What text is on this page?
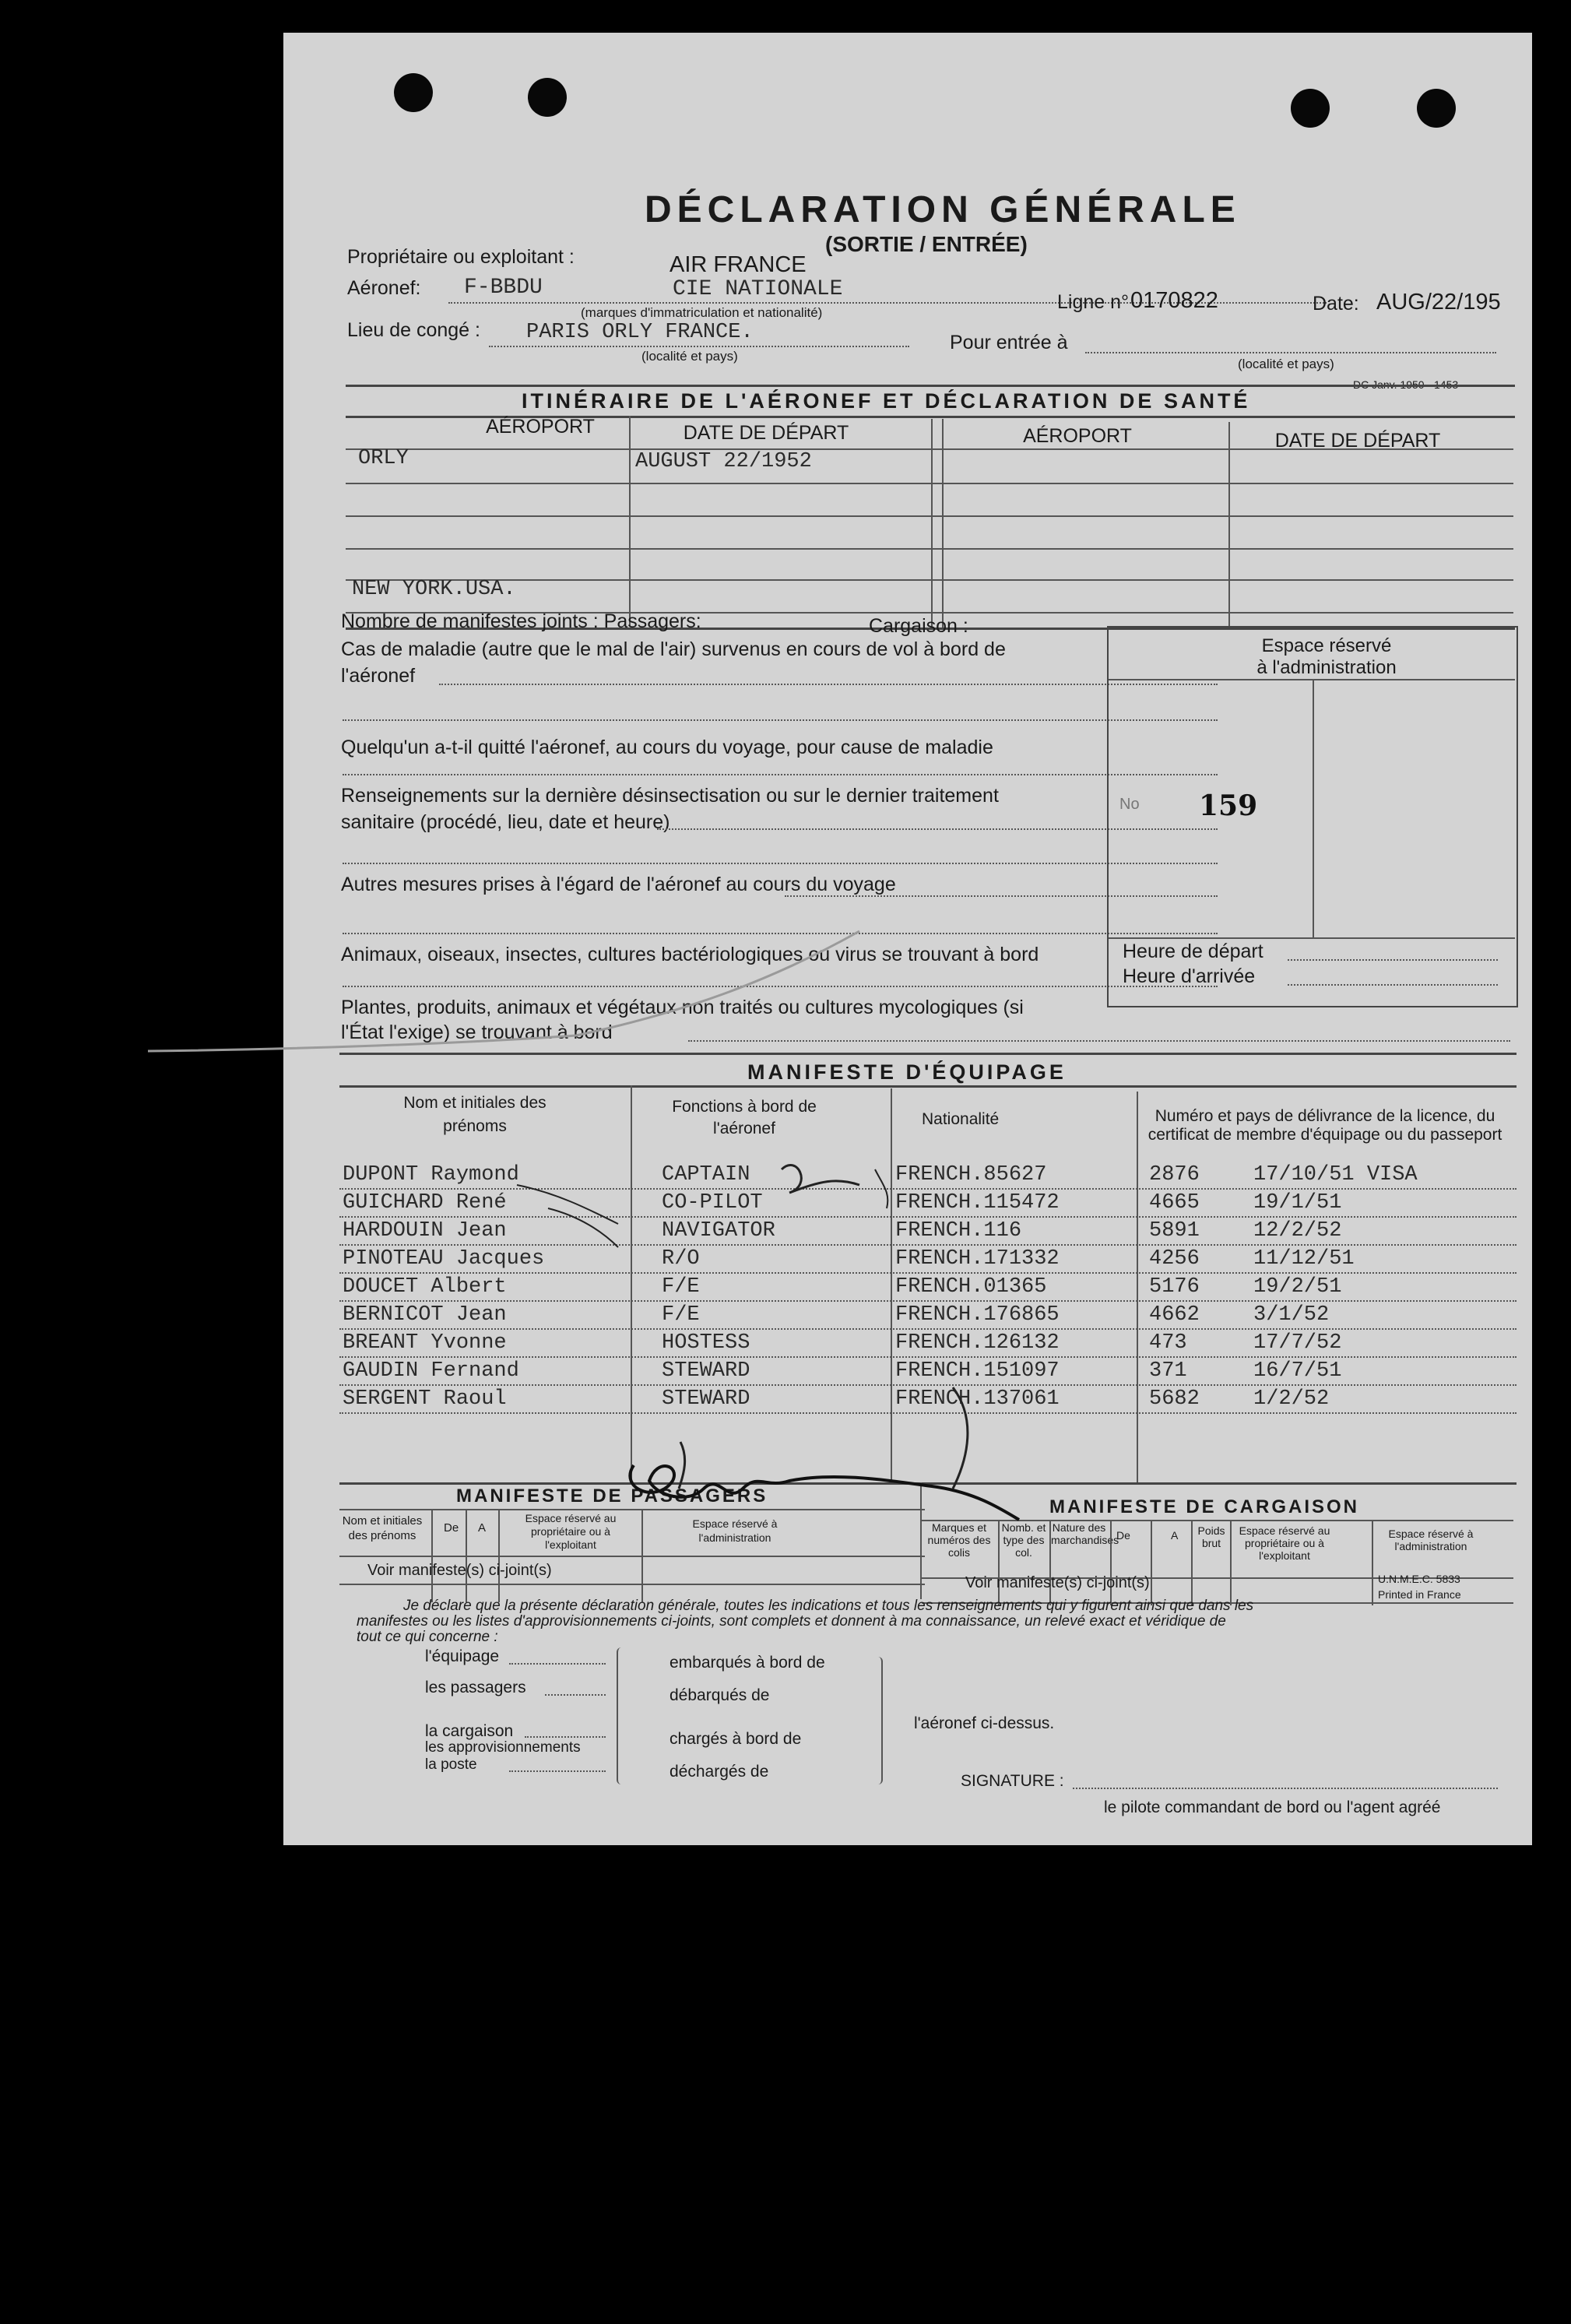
DÉCLARATION GÉNÉRALE
(SORTIE / ENTRÉE)
Propriétaire ou exploitant :	AIR FRANCE
Aéronef: F-BBDU	CIE NATIONALE
(marques d'immatriculation et nationalité)	Ligne n° 0170822	Date: AUG/22/195
Lieu de congé : PARIS ORLY FRANCE.
(localité et pays)
Pour entrée à
(localité et pays)
DC Janv. 1950 - 1453
ITINÉRAIRE DE L'AÉRONEF ET DÉCLARATION DE SANTÉ
AÉROPORT	DATE DE DÉPART	AÉROPORT	DATE DE DÉPART
ORLY	AUGUST 22/1952
NEW YORK.USA.
Nombre de manifestes joints : Passagers:	Cargaison :
Cas de maladie (autre que le mal de l'air) survenus en cours de vol à bord de
l'aéronef
Quelqu'un a-t-il quitté l'aéronef, au cours du voyage, pour cause de maladie
Renseignements sur la dernière désinsectisation ou sur le dernier traitement
sanitaire (procédé, lieu, date et heure)
Autres mesures prises à l'égard de l'aéronef au cours du voyage
Animaux, oiseaux, insectes, cultures bactériologiques ou virus se trouvant à bord
Plantes, produits, animaux et végétaux non traités ou cultures mycologiques (si
l'État l'exige) se trouvant à bord
Espace réservé
à l'administration
No 159
Heure de départ
Heure d'arrivée
MANIFESTE D'ÉQUIPAGE
Nom et initiales des prénoms
Fonctions à bord de l'aéronef
Nationalité	Numéro et pays de délivrance de la licence, du certificat de membre d'équipage ou du passeport
DUPONT Raymond	CAPTAIN	FRENCH.85627	2876	17/10/51 VISA
GUICHARD René	CO-PILOT	FRENCH.115472	4665	19/1/51
HARDOUIN Jean	NAVIGATOR	FRENCH.116	5891	12/2/52
PINOTEAU Jacques	R/O	FRENCH.171332	4256	11/12/51
DOUCET Albert	F/E	FRENCH.01365	5176	19/2/51
BERNICOT Jean	F/E	FRENCH.176865	4662	3/1/52
BREANT Yvonne	HOSTESS	FRENCH.126132	473	17/7/52
GAUDIN Fernand	STEWARD	FRENCH.151097	371	16/7/51
SERGENT Raoul	STEWARD	FRENCH.137061	5682	1/2/52
MANIFESTE DE PASSAGERS
Nom et initiales des prénoms
De A
Espace réservé au propriétaire ou à l'exploitant
Espace réservé à l'administration
Voir manifeste(s) ci-joint(s)
MANIFESTE DE CARGAISON
Marques et numéros des colis
Nomb. et type des col.
Nature des marchandises
De	A	Poids brut
Espace réservé au propriétaire ou à l'exploitant
Espace réservé à l'administration
Voir manifeste(s) ci-joint(s)	U.N.M.E.C. 5833
Printed in France
Je déclare que la présente déclaration générale, toutes les indications et tous les renseignements qui y figurent ainsi que dans les
manifestes ou les listes d'approvisionnements ci-joints, sont complets et donnent à ma connaissance, un relevé exact et véridique de
tout ce qui concerne :
l'équipage
les passagers
la cargaison
les approvisionnements
la poste
embarqués à bord de
débarqués de
chargés à bord de
déchargés de
l'aéronef ci-dessus.
SIGNATURE :
le pilote commandant de bord ou l'agent agréé
